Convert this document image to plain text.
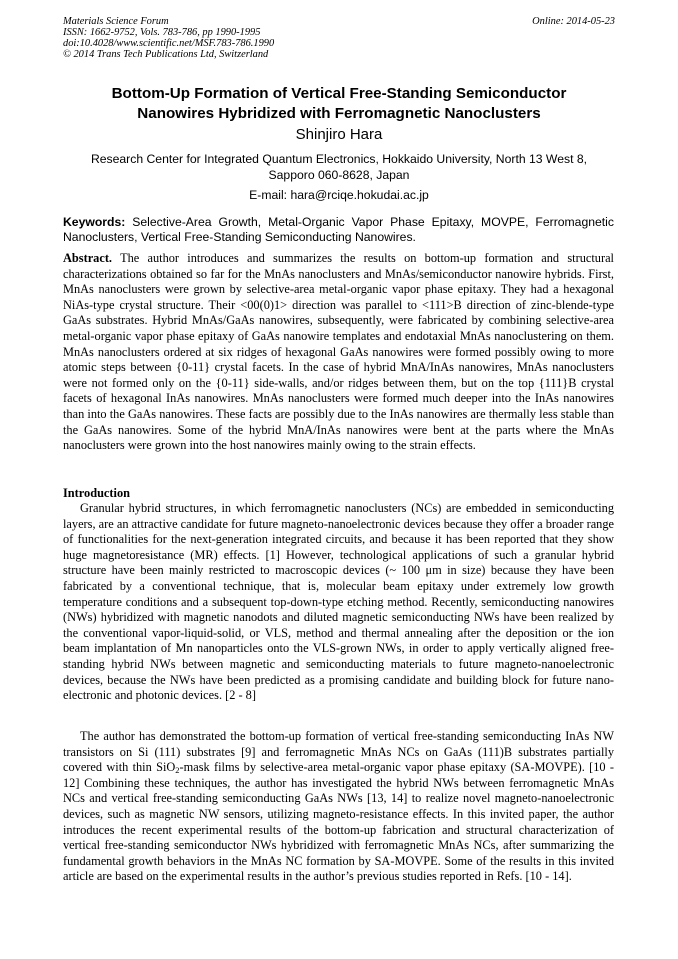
Materials Science Forum
ISSN: 1662-9752, Vols. 783-786, pp 1990-1995
doi:10.4028/www.scientific.net/MSF.783-786.1990
© 2014 Trans Tech Publications Ltd, Switzerland
Online: 2014-05-23
Bottom-Up Formation of Vertical Free-Standing Semiconductor
Nanowires Hybridized with Ferromagnetic Nanoclusters
Shinjiro Hara
Research Center for Integrated Quantum Electronics, Hokkaido University, North 13 West 8,
Sapporo 060-8628, Japan
E-mail: hara@rciqe.hokudai.ac.jp
Keywords: Selective-Area Growth, Metal-Organic Vapor Phase Epitaxy, MOVPE, Ferromagnetic Nanoclusters, Vertical Free-Standing Semiconducting Nanowires.
Abstract. The author introduces and summarizes the results on bottom-up formation and structural characterizations obtained so far for the MnAs nanoclusters and MnAs/semiconductor nanowire hybrids. First, MnAs nanoclusters were grown by selective-area metal-organic vapor phase epitaxy. They had a hexagonal NiAs-type crystal structure. Their <00(0)1> direction was parallel to <111>B direction of zinc-blende-type GaAs substrates. Hybrid MnAs/GaAs nanowires, subsequently, were fabricated by combining selective-area metal-organic vapor phase epitaxy of GaAs nanowire templates and endotaxial MnAs nanoclustering on them. MnAs nanoclusters ordered at six ridges of hexagonal GaAs nanowires were formed possibly owing to more atomic steps between {0-11} crystal facets. In the case of hybrid MnA/InAs nanowires, MnAs nanoclusters were not formed only on the {0-11} side-walls, and/or ridges between them, but on the top {111}B crystal facets of hexagonal InAs nanowires. MnAs nanoclusters were formed much deeper into the InAs nanowires than into the GaAs nanowires. These facts are possibly due to the InAs nanowires are thermally less stable than the GaAs nanowires. Some of the hybrid MnA/InAs nanowires were bent at the parts where the MnAs nanoclusters were grown into the host nanowires mainly owing to the strain effects.
Introduction
Granular hybrid structures, in which ferromagnetic nanoclusters (NCs) are embedded in semiconducting layers, are an attractive candidate for future magneto-nanoelectronic devices because they offer a broader range of functionalities for the next-generation integrated circuits, and because it has been reported that they show huge magnetoresistance (MR) effects. [1] However, technological applications of such a granular hybrid structure have been mainly restricted to macroscopic devices (~ 100 μm in size) because they have been fabricated by a conventional technique, that is, molecular beam epitaxy under extremely low growth temperature conditions and a subsequent top-down-type etching method. Recently, semiconducting nanowires (NWs) hybridized with magnetic nanodots and diluted magnetic semiconducting NWs have been realized by the conventional vapor-liquid-solid, or VLS, method and thermal annealing after the deposition or the ion beam implantation of Mn nanoparticles onto the VLS-grown NWs, in order to apply vertically aligned free-standing hybrid NWs between magnetic and semiconducting materials to future magneto-nanoelectronic devices, because the NWs have been predicted as a promising candidate and building block for future nano-electronic and photonic devices. [2 - 8]
The author has demonstrated the bottom-up formation of vertical free-standing semiconducting InAs NW transistors on Si (111) substrates [9] and ferromagnetic MnAs NCs on GaAs (111)B substrates partially covered with thin SiO$_2$-mask films by selective-area metal-organic vapor phase epitaxy (SA-MOVPE). [10 - 12] Combining these techniques, the author has investigated the hybrid NWs between ferromagnetic MnAs NCs and vertical free-standing semiconducting GaAs NWs [13, 14] to realize novel magneto-nanoelectronic devices, such as magnetic NW sensors, utilizing magneto-resistance effects. In this invited paper, the author introduces the recent experimental results of the bottom-up fabrication and structural characterization of vertical free-standing semiconductor NWs hybridized with ferromagnetic MnAs NCs, after summarizing the fundamental growth behaviors in the MnAs NC formation by SA-MOVPE. Some of the results in this invited article are based on the experimental results in the author’s previous studies reported in Refs. [10 - 14].
